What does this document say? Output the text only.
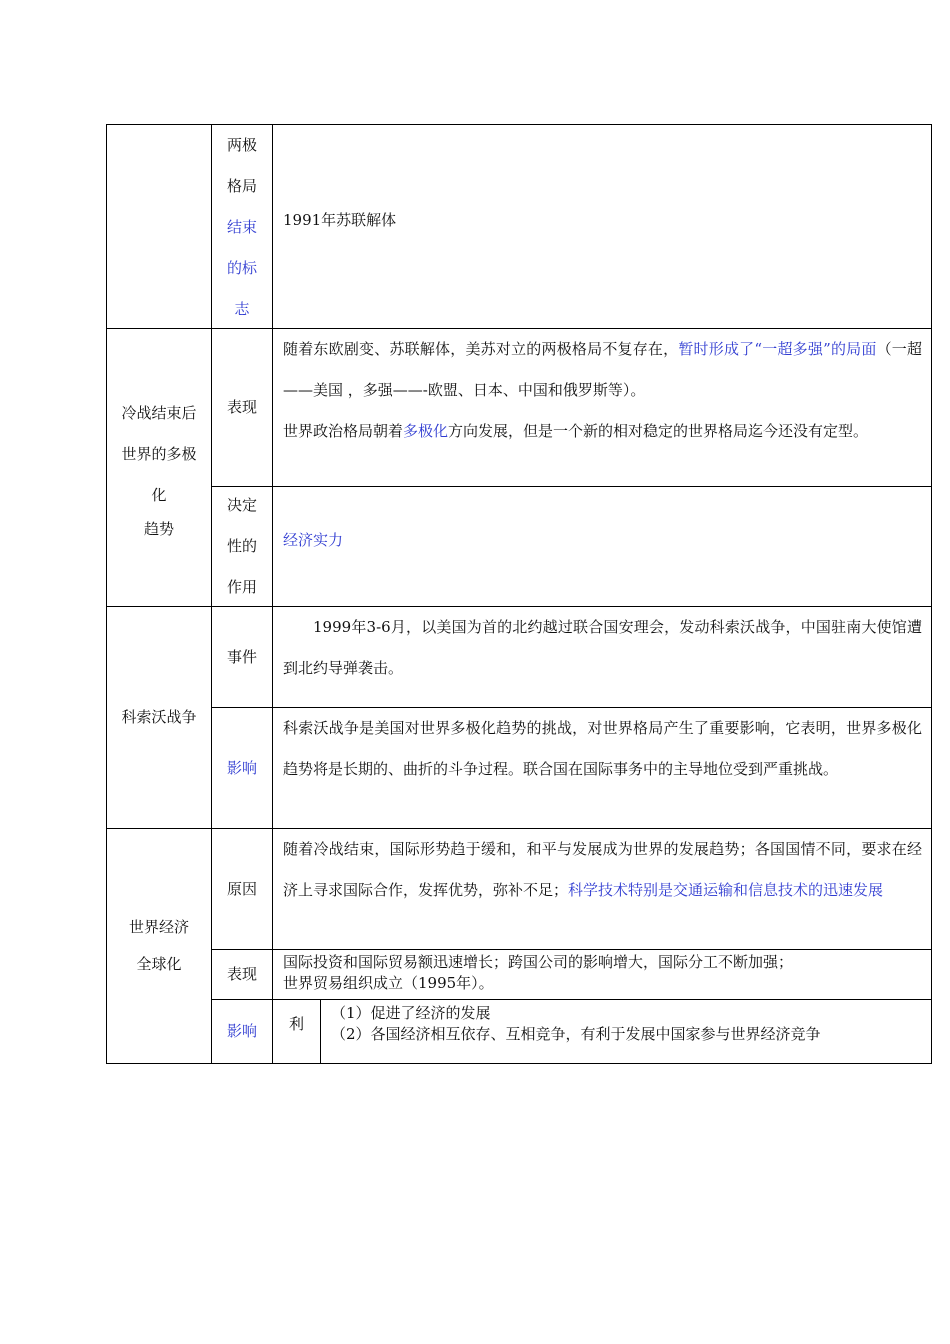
两极
格局
结束
的标
志
1991年苏联解体
冷战结束后
世界的多极
化
趋势
表现
随着东欧剧变、苏联解体，美苏对立的两极格局不复存在，暂时形成了“一超多强”的局面（一超——美国 ，多强——-欧盟、日本、中国和俄罗斯等）。
世界政治格局朝着多极化方向发展，但是一个新的相对稳定的世界格局迄今还没有定型。
决定
性的
作用
经济实力
科索沃战争
事件
1999年3-6月，以美国为首的北约越过联合国安理会，发动科索沃战争，中国驻南大使馆遭到北约导弹袭击。
影响
科索沃战争是美国对世界多极化趋势的挑战，对世界格局产生了重要影响，它表明，世界多极化趋势将是长期的、曲折的斗争过程。联合国在国际事务中的主导地位受到严重挑战。
世界经济
全球化
原因
随着冷战结束，国际形势趋于缓和，和平与发展成为世界的发展趋势；各国国情不同，要求在经济上寻求国际合作，发挥优势，弥补不足；科学技术特别是交通运输和信息技术的迅速发展
表现
国际投资和国际贸易额迅速增长；跨国公司的影响增大，国际分工不断加强；
世界贸易组织成立（1995年）。
影响	利
（1）促进了经济的发展
（2）各国经济相互依存、互相竞争，有利于发展中国家参与世界经济竞争
